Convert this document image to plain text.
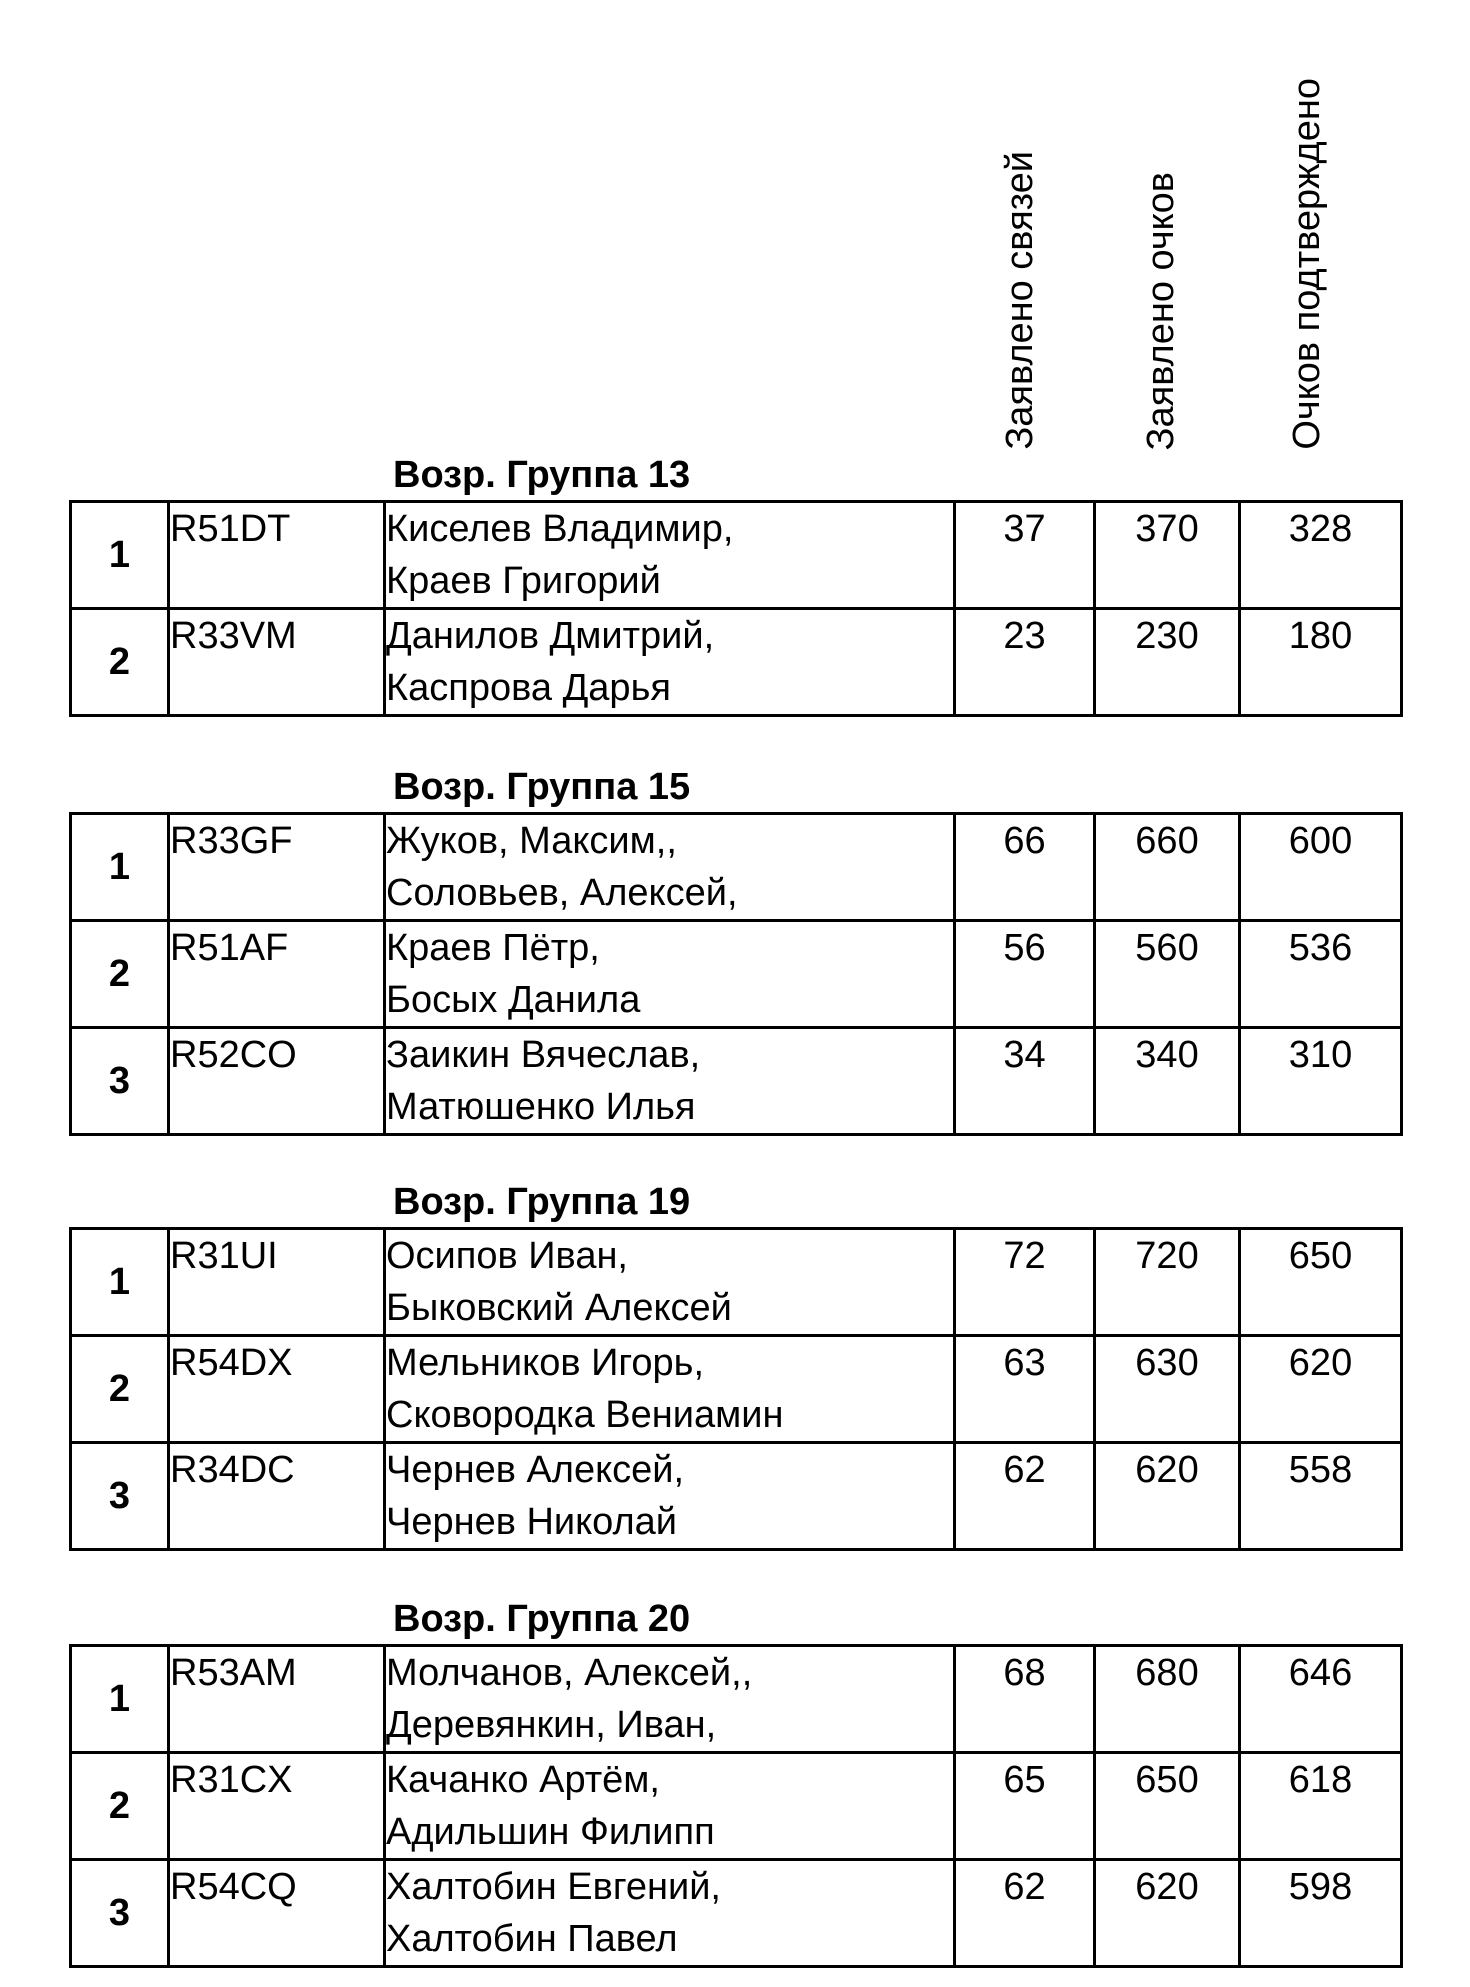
Заявлено связей	Заявлено очков	Очков подтверждено
Возр. Группа 13
1	R51DT	Киселев Владимир,
Краев Григорий	37	370	328
2	R33VM	Данилов Дмитрий,
Каспрова Дарья	23	230	180
Возр. Группа 15
1	R33GF	Жуков, Максим,,
Соловьев, Алексей,	66	660	600
2	R51AF	Краев Пётр,
Босых Данила	56	560	536
3	R52CO	Заикин Вячеслав,
Матюшенко Илья	34	340	310
Возр. Группа 19
1	R31UI	Осипов Иван,
Быковский Алексей	72	720	650
2	R54DX	Мельников Игорь,
Сковородка Вениамин	63	630	620
3	R34DC	Чернев Алексей,
Чернев Николай	62	620	558
Возр. Группа 20
1	R53AM	Молчанов, Алексей,,
Деревянкин, Иван,	68	680	646
2	R31CX	Качанко Артём,
Адильшин Филипп	65	650	618
3	R54CQ	Халтобин Евгений,
Халтобин Павел	62	620	598
